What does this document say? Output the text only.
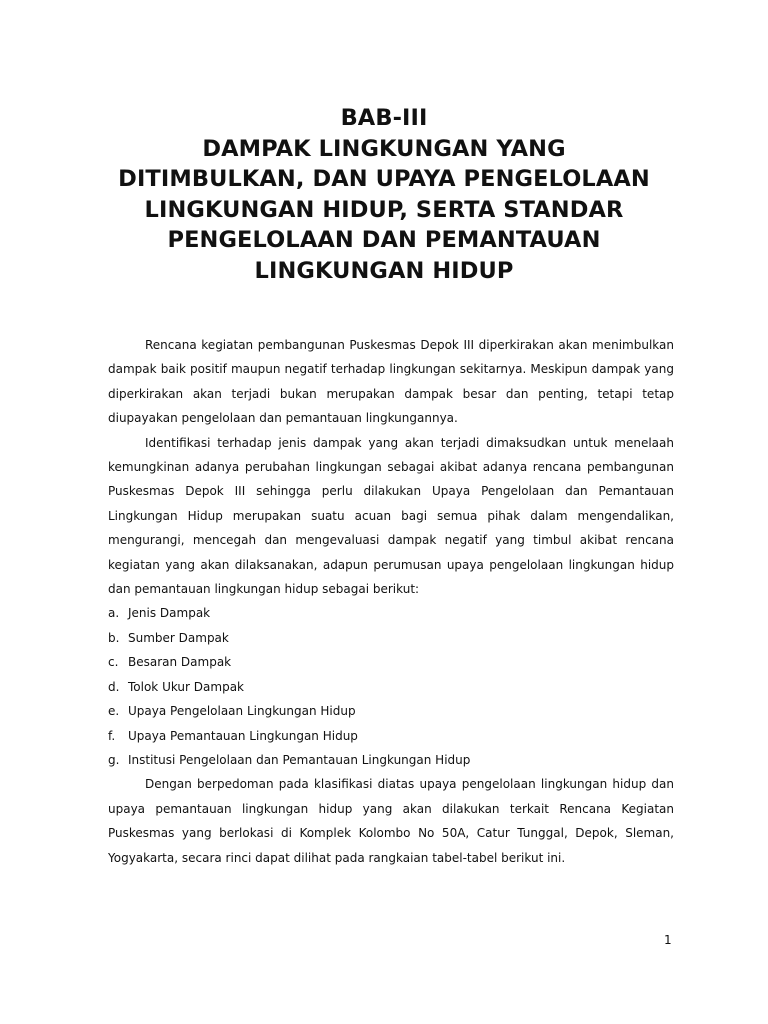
BAB-III
DAMPAK LINGKUNGAN YANG
DITIMBULKAN, DAN UPAYA PENGELOLAAN
LINGKUNGAN HIDUP, SERTA STANDAR
PENGELOLAAN DAN PEMANTAUAN
LINGKUNGAN HIDUP

Rencana kegiatan pembangunan Puskesmas Depok III diperkirakan akan menimbulkan dampak baik positif maupun negatif terhadap lingkungan sekitarnya. Meskipun dampak yang diperkirakan akan terjadi bukan merupakan dampak besar dan penting, tetapi tetap diupayakan pengelolaan dan pemantauan lingkungannya.

Identifikasi terhadap jenis dampak yang akan terjadi dimaksudkan untuk menelaah kemungkinan adanya perubahan lingkungan sebagai akibat adanya rencana pembangunan Puskesmas Depok III sehingga perlu dilakukan Upaya Pengelolaan dan Pemantauan Lingkungan Hidup merupakan suatu acuan bagi semua pihak dalam mengendalikan, mengurangi, mencegah dan mengevaluasi dampak negatif yang timbul akibat rencana kegiatan yang akan dilaksanakan, adapun perumusan upaya pengelolaan lingkungan hidup dan pemantauan lingkungan hidup sebagai berikut:

a. Jenis Dampak
b. Sumber Dampak
c. Besaran Dampak
d. Tolok Ukur Dampak
e. Upaya Pengelolaan Lingkungan Hidup
f. Upaya Pemantauan Lingkungan Hidup
g. Institusi Pengelolaan dan Pemantauan Lingkungan Hidup

Dengan berpedoman pada klasifikasi diatas upaya pengelolaan lingkungan hidup dan upaya pemantauan lingkungan hidup yang akan dilakukan terkait Rencana Kegiatan Puskesmas yang berlokasi di Komplek Kolombo No 50A, Catur Tunggal, Depok, Sleman, Yogyakarta, secara rinci dapat dilihat pada rangkaian tabel-tabel berikut ini.

1
